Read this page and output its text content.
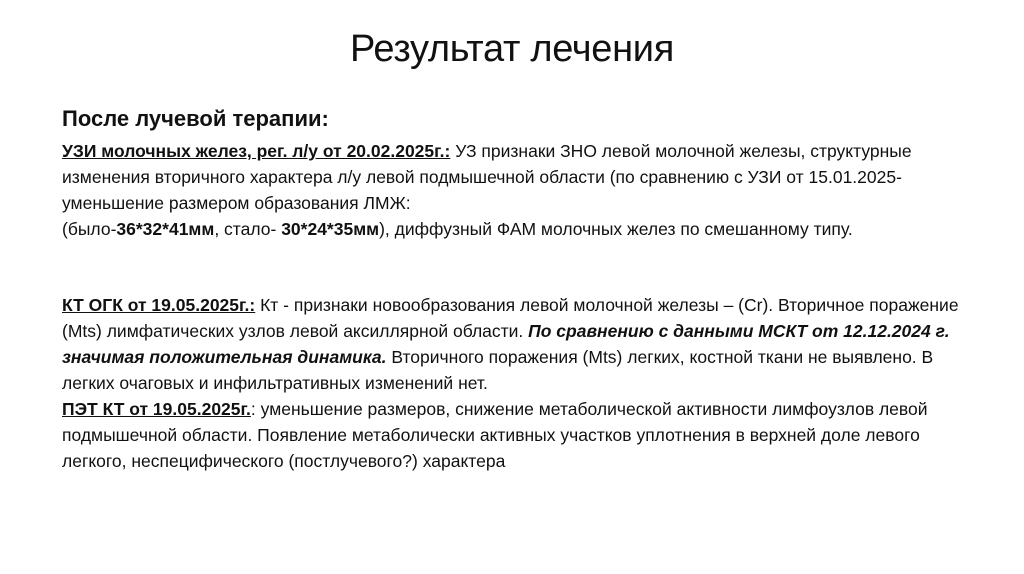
Результат лечения
После лучевой терапии:

УЗИ молочных желез, рег. л/у от 20.02.2025г.: УЗ признаки ЗНО левой молочной железы, структурные изменения вторичного характера л/у левой подмышечной области (по сравнению с УЗИ от 15.01.2025- уменьшение размером образования ЛМЖ:
(было-36*32*41мм, стало- 30*24*35мм), диффузный ФАМ молочных желез по смешанному типу.

КТ ОГК от 19.05.2025г.: Кт - признаки новообразования левой молочной железы – (Cr). Вторичное поражение (Mts) лимфатических узлов левой аксиллярной области. По сравнению с данными МСКТ от 12.12.2024 г. значимая положительная динамика. Вторичного поражения (Mts) легких, костной ткани не выявлено. В легких очаговых и инфильтративных изменений нет.

ПЭТ КТ от 19.05.2025г.: уменьшение размеров, снижение метаболической активности лимфоузлов левой подмышечной области. Появление метаболически активных участков уплотнения в верхней доле левого легкого, неспецифического (постлучевого?) характера
